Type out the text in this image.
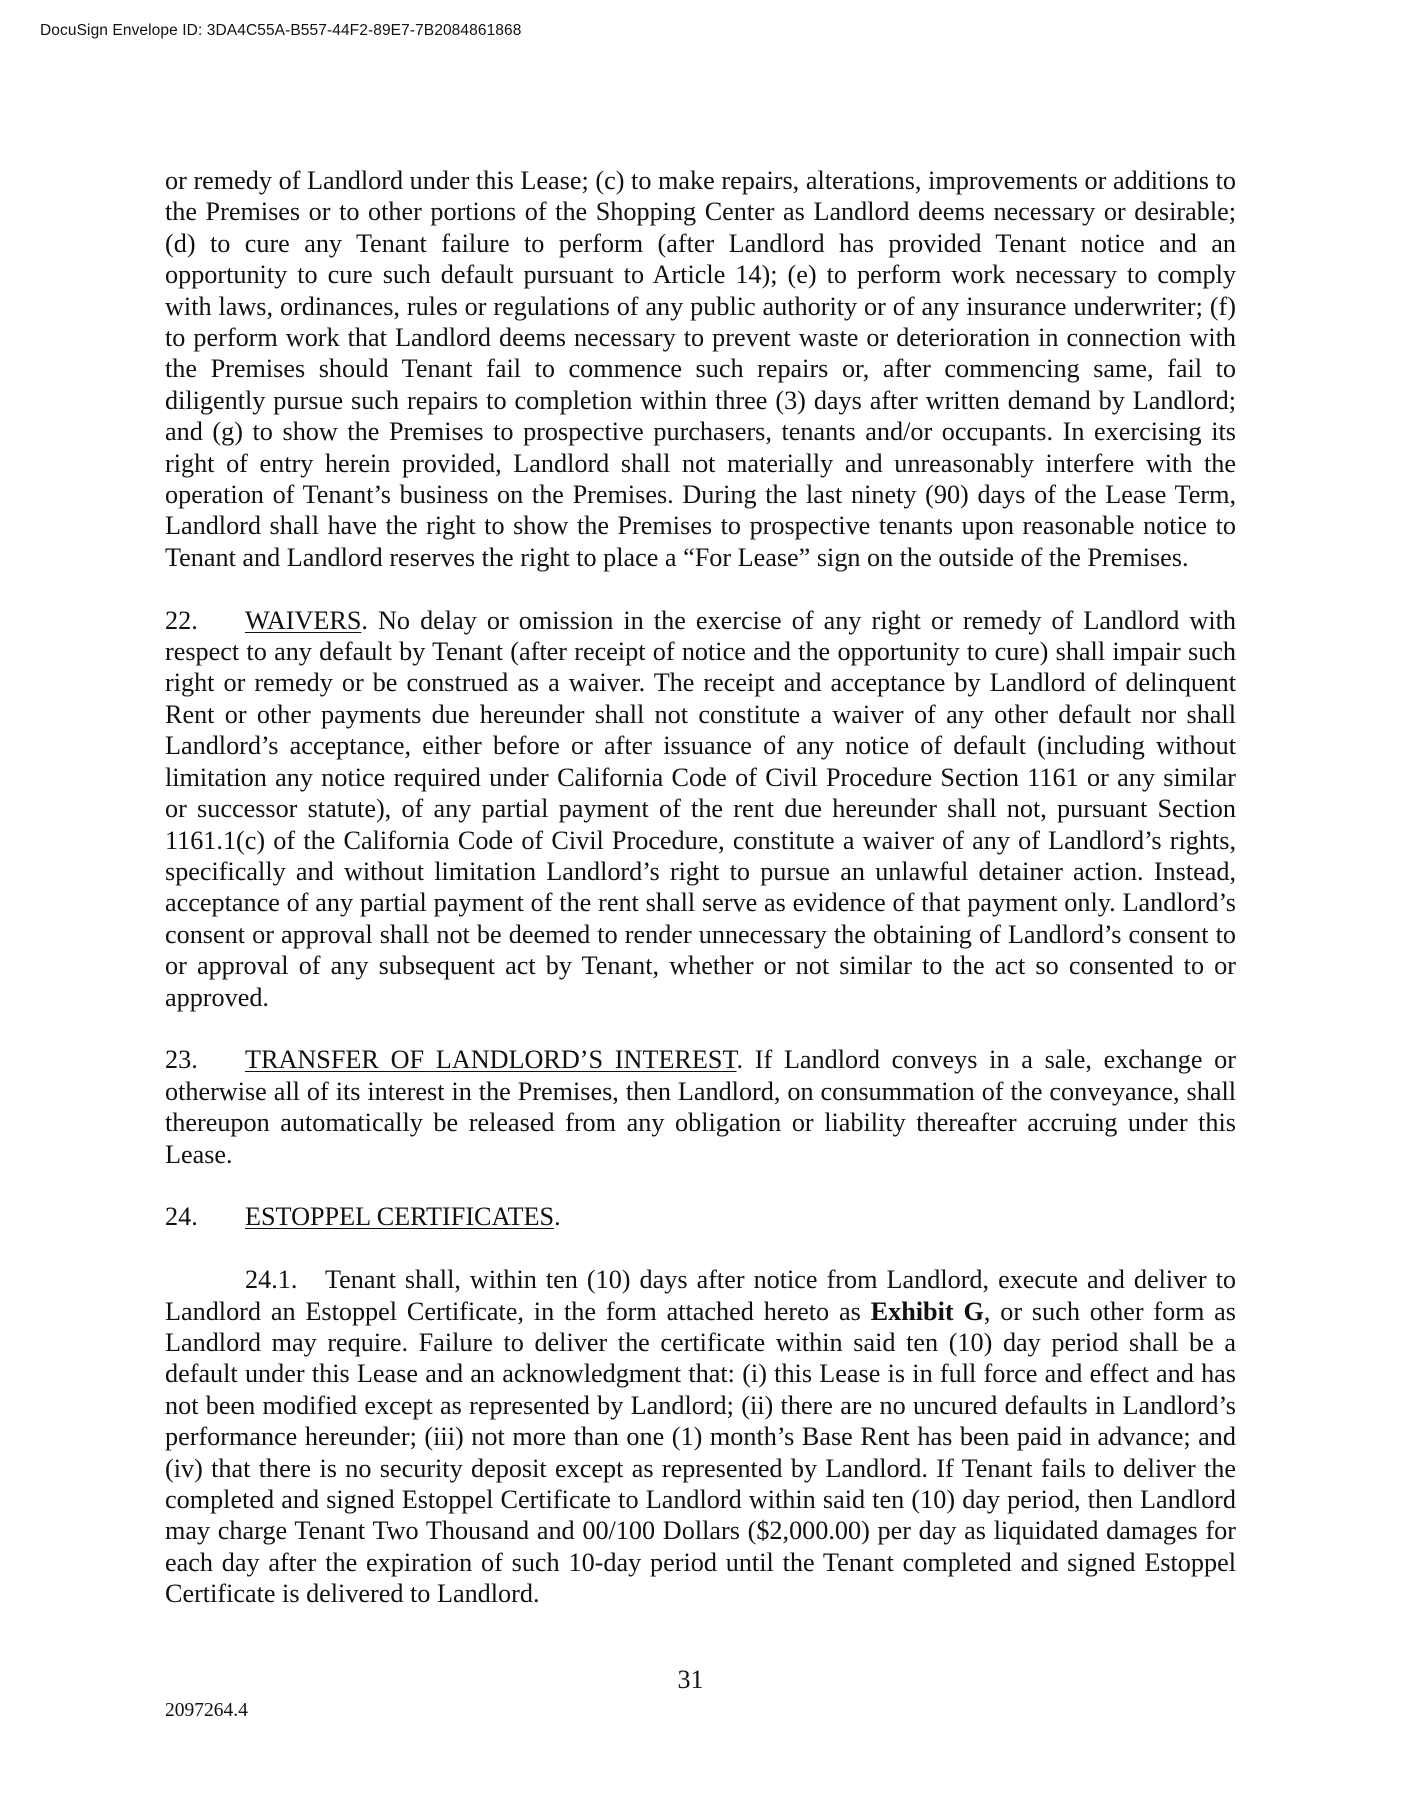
DocuSign Envelope ID: 3DA4C55A-B557-44F2-89E7-7B2084861868

or remedy of Landlord under this Lease; (c) to make repairs, alterations, improvements or additions to the Premises or to other portions of the Shopping Center as Landlord deems necessary or desirable; (d) to cure any Tenant failure to perform (after Landlord has provided Tenant notice and an opportunity to cure such default pursuant to Article 14); (e) to perform work necessary to comply with laws, ordinances, rules or regulations of any public authority or of any insurance underwriter; (f) to perform work that Landlord deems necessary to prevent waste or deterioration in connection with the Premises should Tenant fail to commence such repairs or, after commencing same, fail to diligently pursue such repairs to completion within three (3) days after written demand by Landlord; and (g) to show the Premises to prospective purchasers, tenants and/or occupants. In exercising its right of entry herein provided, Landlord shall not materially and unreasonably interfere with the operation of Tenant’s business on the Premises. During the last ninety (90) days of the Lease Term, Landlord shall have the right to show the Premises to prospective tenants upon reasonable notice to Tenant and Landlord reserves the right to place a “For Lease” sign on the outside of the Premises.

22. WAIVERS. No delay or omission in the exercise of any right or remedy of Landlord with respect to any default by Tenant (after receipt of notice and the opportunity to cure) shall impair such right or remedy or be construed as a waiver. The receipt and acceptance by Landlord of delinquent Rent or other payments due hereunder shall not constitute a waiver of any other default nor shall Landlord’s acceptance, either before or after issuance of any notice of default (including without limitation any notice required under California Code of Civil Procedure Section 1161 or any similar or successor statute), of any partial payment of the rent due hereunder shall not, pursuant Section 1161.1(c) of the California Code of Civil Procedure, constitute a waiver of any of Landlord’s rights, specifically and without limitation Landlord’s right to pursue an unlawful detainer action. Instead, acceptance of any partial payment of the rent shall serve as evidence of that payment only. Landlord’s consent or approval shall not be deemed to render unnecessary the obtaining of Landlord’s consent to or approval of any subsequent act by Tenant, whether or not similar to the act so consented to or approved.

23. TRANSFER OF LANDLORD’S INTEREST. If Landlord conveys in a sale, exchange or otherwise all of its interest in the Premises, then Landlord, on consummation of the conveyance, shall thereupon automatically be released from any obligation or liability thereafter accruing under this Lease.

24. ESTOPPEL CERTIFICATES.

24.1. Tenant shall, within ten (10) days after notice from Landlord, execute and deliver to Landlord an Estoppel Certificate, in the form attached hereto as Exhibit G, or such other form as Landlord may require. Failure to deliver the certificate within said ten (10) day period shall be a default under this Lease and an acknowledgment that: (i) this Lease is in full force and effect and has not been modified except as represented by Landlord; (ii) there are no uncured defaults in Landlord’s performance hereunder; (iii) not more than one (1) month’s Base Rent has been paid in advance; and (iv) that there is no security deposit except as represented by Landlord. If Tenant fails to deliver the completed and signed Estoppel Certificate to Landlord within said ten (10) day period, then Landlord may charge Tenant Two Thousand and 00/100 Dollars ($2,000.00) per day as liquidated damages for each day after the expiration of such 10-day period until the Tenant completed and signed Estoppel Certificate is delivered to Landlord.

31
2097264.4
